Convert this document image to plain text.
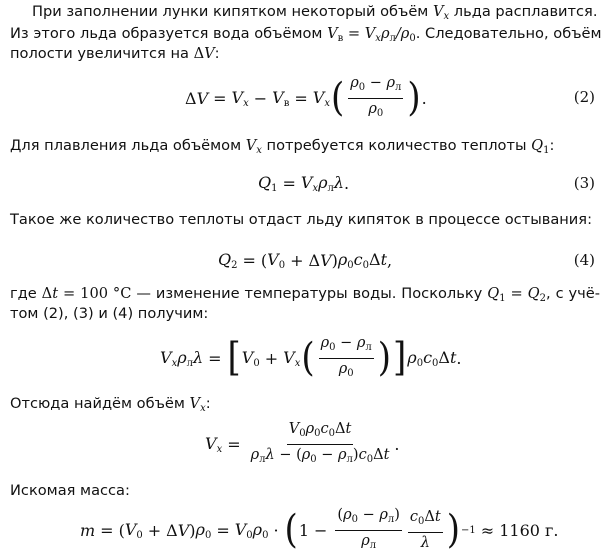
При заполнении лунки кипятком некоторый объём $V_x$ льда расплавится.
Из этого льда образуется вода объёмом $V_в = V_x\rho_л/\rho_0$. Следовательно, объём
полости увеличится на ΔV:
$\Delta V = V_x - V_в = V_x$ ( $\frac{\rho_0 - \rho_л}{\rho_0}$ ) .	(2)
Для плавления льда объёмом $V_x$ потребуется количество теплоты $Q_1$:
$Q_1 = V_x\rho_л\lambda$ .	(3)
Такое же количество теплоты отдаст льду кипяток в процессе остывания:
$Q_2$ = ( $V_0 + \Delta V$ ) $\rho_0c_0\Delta t$ ,	(4)
где Δt = 100 °C — изменение температуры воды. Поскольку $Q_1 = Q_2$, с учё-
том (2), (3) и (4) получим:
$V_x\rho_л\lambda$ = [ $V_0 + V_x$ ( $\frac{\rho_0 - \rho_л}{\rho_0}$ ) ] $\rho_0c_0\Delta t$ .
Отсюда найдём объём $V_x$:
$V_x = \frac{V_0\rho_0c_0\Delta t}{\rho_л\lambda - (\rho_0 - \rho_л)c_0\Delta t}$ .
Искомая масса:
m = ( $V_0 + \Delta V$ ) $\rho_0 = V_0\rho_0$ · ( $1 - \frac{(\rho_0 - \rho_л)}{\rho_л} \frac{c_0\Delta t}{\lambda}$ ) −1 ≈ 1160 г.
